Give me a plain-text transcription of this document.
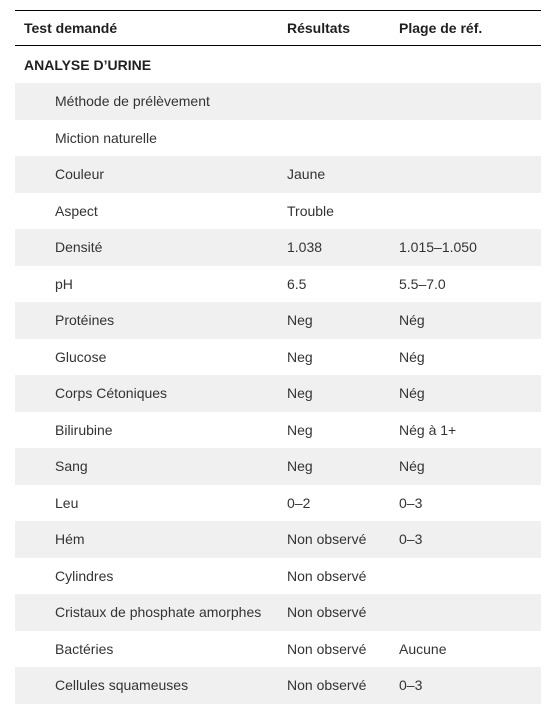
Test demandé	Résultats	Plage de réf.
ANALYSE D’URINE		
Méthode de prélèvement		
Miction naturelle		
Couleur	Jaune	
Aspect	Trouble	
Densité	1.038	1.015–1.050
pH	6.5	5.5–7.0
Protéines	Neg	Nég
Glucose	Neg	Nég
Corps Cétoniques	Neg	Nég
Bilirubine	Neg	Nég à 1+
Sang	Neg	Nég
Leu	0–2	0–3
Hém	Non observé	0–3
Cylindres	Non observé	
Cristaux de phosphate amorphes	Non observé	
Bactéries	Non observé	Aucune
Cellules squameuses	Non observé	0–3
